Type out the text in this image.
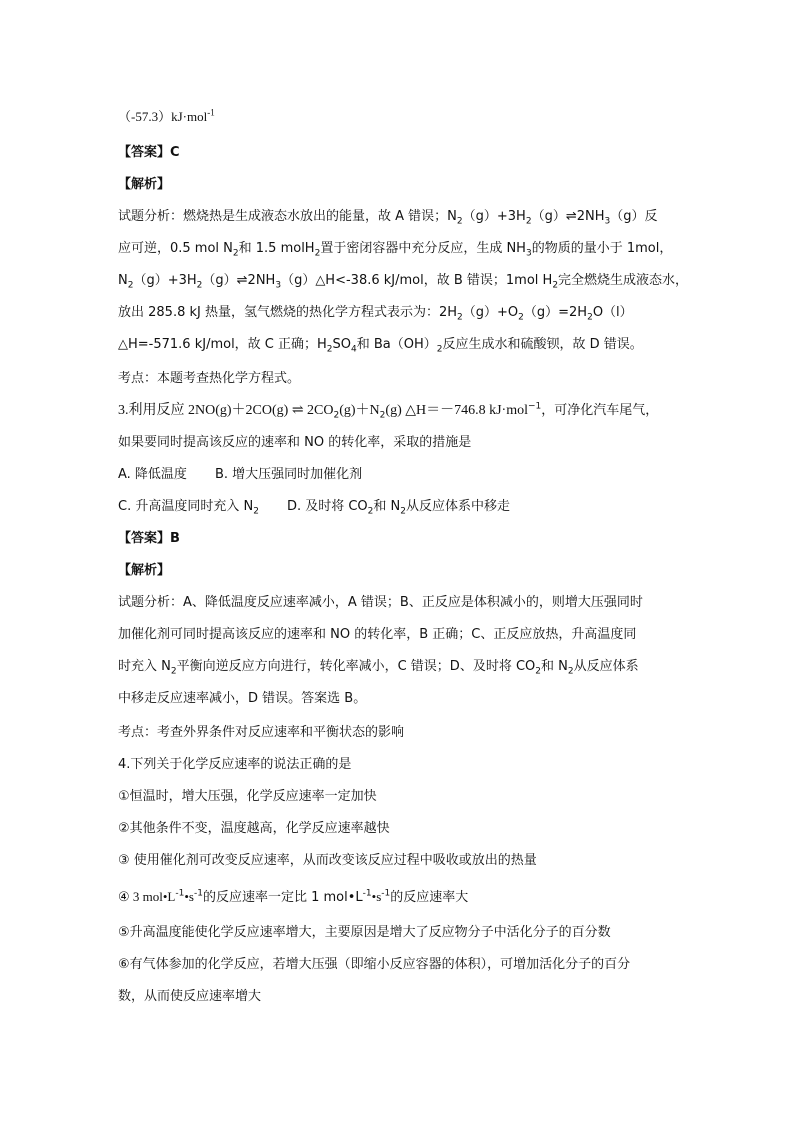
（-57.3）kJ·mol$^{-1}$
【答案】C
【解析】
试题分析：燃烧热是生成液态水放出的能量，故 A 错误；$N_2(g)+3H_2(g)\rightleftharpoons 2NH_3(g)$反
应可逆，0.5 mol $N_2$和 1.5 molH$_2$置于密闭容器中充分反应，生成 $NH_3$的物质的量小于 1mol，
$N_2(g)+3H_2(g)\rightleftharpoons 2NH_3(g)\triangle H<-38.6$ kJ/mol，故 B 错误；1mol $H_2$完全燃烧生成液态水，
放出 285.8 kJ 热量，氢气燃烧的热化学方程式表示为：$2H_2(g)+O_2(g)=2H_2O(l)$
△H=-571.6 kJ/mol，故 C 正确；$H_2SO_4$和 $Ba(OH)_2$反应生成水和硫酸钡，故 D 错误。
考点：本题考查热化学方程式。
3.利用反应 2NO(g)＋2CO(g) ⇌ $2CO_2(g)+N_2(g)$ △H＝－746.8 kJ·mol$^{-1}$，可净化汽车尾气，
如果要同时提高该反应的速率和 NO 的转化率，采取的措施是
A. 降低温度 B. 增大压强同时加催化剂
C. 升高温度同时充入 $N_2$ D. 及时将 $CO_2$和 $N_2$从反应体系中移走
【答案】B
【解析】
试题分析：A、降低温度反应速率减小，A 错误；B、正反应是体积减小的，则增大压强同时
加催化剂可同时提高该反应的速率和 NO 的转化率，B 正确；C、正反应放热，升高温度同
时充入 $N_2$平衡向逆反应方向进行，转化率减小，C 错误；D、及时将 $CO_2$和 $N_2$从反应体系
中移走反应速率减小，D 错误。答案选 B。
考点：考查外界条件对反应速率和平衡状态的影响
4.下列关于化学反应速率的说法正确的是
①恒温时，增大压强，化学反应速率一定加快
②其他条件不变，温度越高，化学反应速率越快
③ 使用催化剂可改变反应速率，从而改变该反应过程中吸收或放出的热量
④ 3 $mol•L^{-1}•s^{-1}$的反应速率一定比 1 $mol•L^{-1}•s^{-1}$的反应速率大
⑤升高温度能使化学反应速率增大，主要原因是增大了反应物分子中活化分子的百分数
⑥有气体参加的化学反应，若增大压强（即缩小反应容器的体积），可增加活化分子的百分
数，从而使反应速率增大
